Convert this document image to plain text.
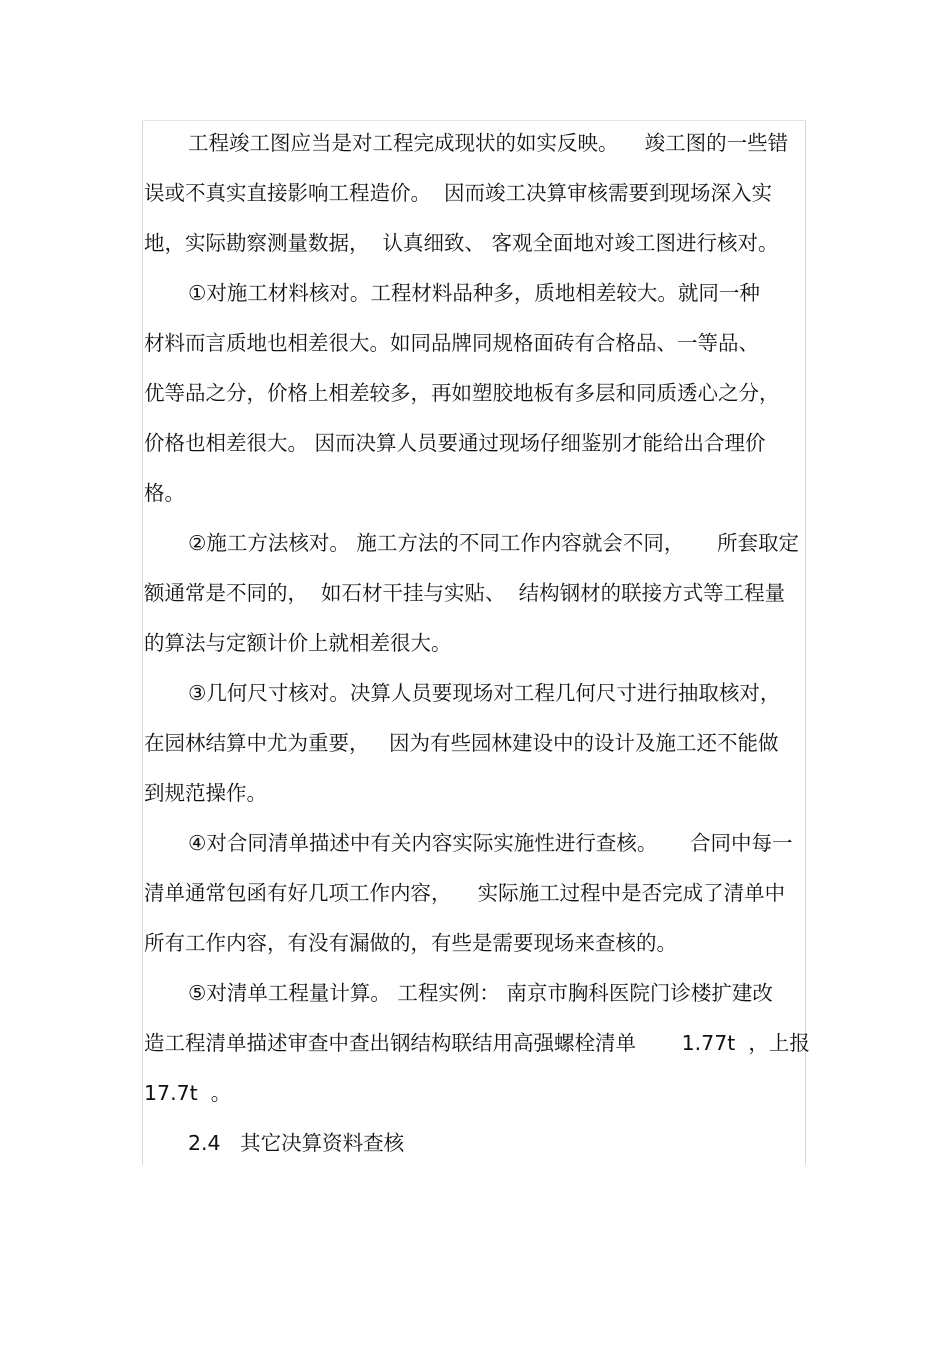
工程竣工图应当是对工程完成现状的如实反映。    竣工图的一些错
误或不真实直接影响工程造价。  因而竣工决算审核需要到现场深入实
地，实际勘察测量数据，  认真细致、 客观全面地对竣工图进行核对。
①对施工材料核对。工程材料品种多，质地相差较大。就同一种
材料而言质地也相差很大。如同品牌同规格面砖有合格品、一等品、
优等品之分，价格上相差较多，再如塑胶地板有多层和同质透心之分，
价格也相差很大。 因而决算人员要通过现场仔细鉴别才能给出合理价
格。
②施工方法核对。 施工方法的不同工作内容就会不同，     所套取定
额通常是不同的，  如石材干挂与实贴、  结构钢材的联接方式等工程量
的算法与定额计价上就相差很大。
③几何尺寸核对。决算人员要现场对工程几何尺寸进行抽取核对，
在园林结算中尤为重要，   因为有些园林建设中的设计及施工还不能做
到规范操作。
④对合同清单描述中有关内容实际实施性进行查核。     合同中每一
清单通常包函有好几项工作内容，    实际施工过程中是否完成了清单中
所有工作内容，有没有漏做的，有些是需要现场来查核的。
⑤对清单工程量计算。 工程实例： 南京市胸科医院门诊楼扩建改
造工程清单描述审查中查出钢结构联结用高强螺栓清单       1.77t  ，上报
17.7t  。
2.4   其它决算资料查核
